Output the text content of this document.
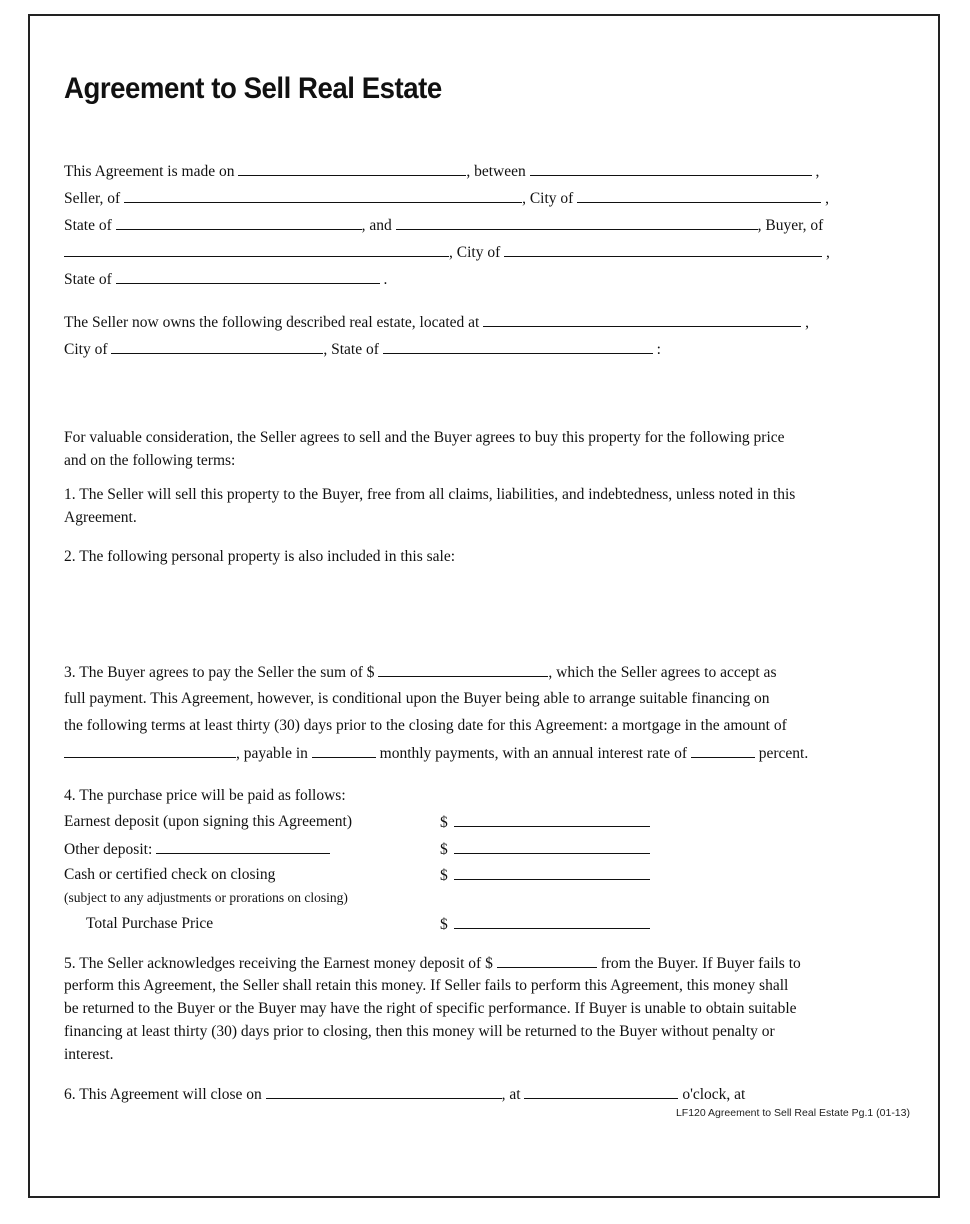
Agreement to Sell Real Estate
This Agreement is made on	, between	,
Seller, of	, City of	,
State of	, and	, Buyer, of
, City of	,
State of	.
The Seller now owns the following described real estate, located at	,
City of	, State of	:
For valuable consideration, the Seller agrees to sell and the Buyer agrees to buy this property for the following price
and on the following terms:
1. The Seller will sell this property to the Buyer, free from all claims, liabilities, and indebtedness, unless noted in this
Agreement.
2. The following personal property is also included in this sale:
3. The Buyer agrees to pay the Seller the sum of $	, which the Seller agrees to accept as
full payment. This Agreement, however, is conditional upon the Buyer being able to arrange suitable financing on
the following terms at least thirty (30) days prior to the closing date for this Agreement: a mortgage in the amount of
, payable in	monthly payments, with an annual interest rate of	percent.
4. The purchase price will be paid as follows:
Earnest deposit (upon signing this Agreement)	$
Other deposit:	$
Cash or certified check on closing	$
(subject to any adjustments or prorations on closing)
Total Purchase Price	$
5. The Seller acknowledges receiving the Earnest money deposit of $	from the Buyer. If Buyer fails to
perform this Agreement, the Seller shall retain this money. If Seller fails to perform this Agreement, this money shall
be returned to the Buyer or the Buyer may have the right of specific performance. If Buyer is unable to obtain suitable
financing at least thirty (30) days prior to closing, then this money will be returned to the Buyer without penalty or
interest.
6. This Agreement will close on	, at	o'clock, at
LF120 Agreement to Sell Real Estate Pg.1 (01-13)
